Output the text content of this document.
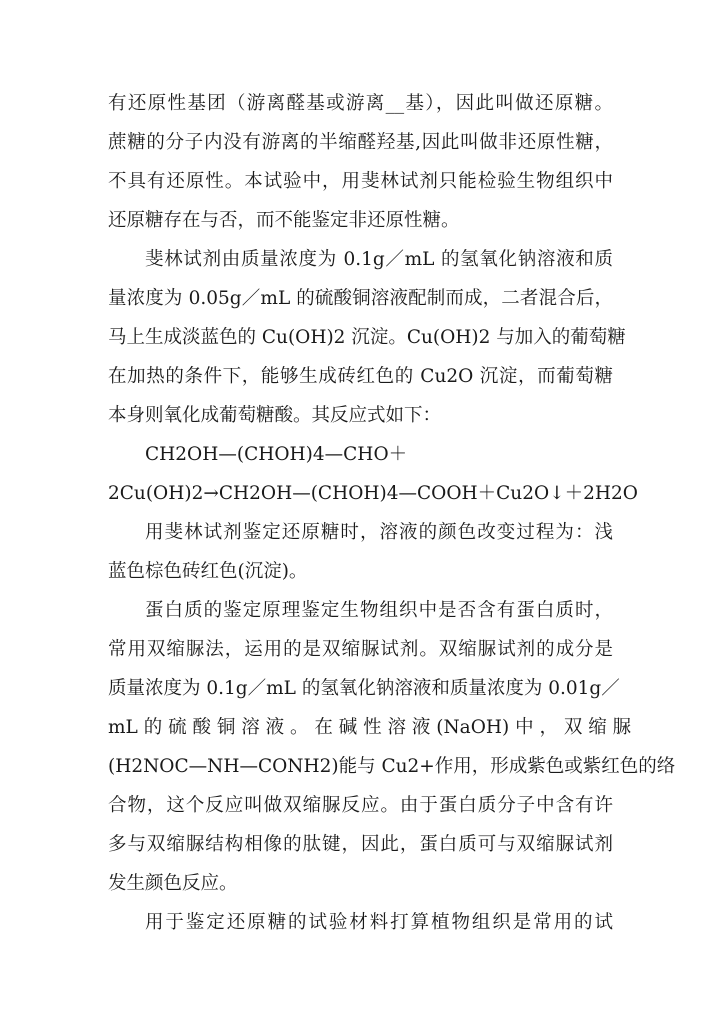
有还原性基团（游离醛基或游离__基），因此叫做还原糖。
蔗糖的分子内没有游离的半缩醛羟基,因此叫做非还原性糖，
不具有还原性。本试验中，用斐林试剂只能检验生物组织中
还原糖存在与否，而不能鉴定非还原性糖。
斐林试剂由质量浓度为 0.1g／mL 的氢氧化钠溶液和质
量浓度为 0.05g／mL 的硫酸铜溶液配制而成，二者混合后，
马上生成淡蓝色的 Cu(OH)2 沉淀。Cu(OH)2 与加入的葡萄糖
在加热的条件下，能够生成砖红色的 Cu2O 沉淀，而葡萄糖
本身则氧化成葡萄糖酸。其反应式如下：
CH2OH—(CHOH)4—CHO＋
2Cu(OH)2→CH2OH—(CHOH)4—COOH＋Cu2O↓＋2H2O
用斐林试剂鉴定还原糖时，溶液的颜色改变过程为：浅
蓝色棕色砖红色(沉淀)。
蛋白质的鉴定原理鉴定生物组织中是否含有蛋白质时，
常用双缩脲法，运用的是双缩脲试剂。双缩脲试剂的成分是
质量浓度为 0.1g／mL 的氢氧化钠溶液和质量浓度为 0.01g／
mL 的 硫 酸 铜 溶 液 。 在 碱 性 溶 液 (NaOH) 中 ， 双 缩 脲
(H2NOC—NH—CONH2)能与 Cu2+作用，形成紫色或紫红色的络
合物，这个反应叫做双缩脲反应。由于蛋白质分子中含有许
多与双缩脲结构相像的肽键，因此，蛋白质可与双缩脲试剂
发生颜色反应。
用于鉴定还原糖的试验材料打算植物组织是常用的试
